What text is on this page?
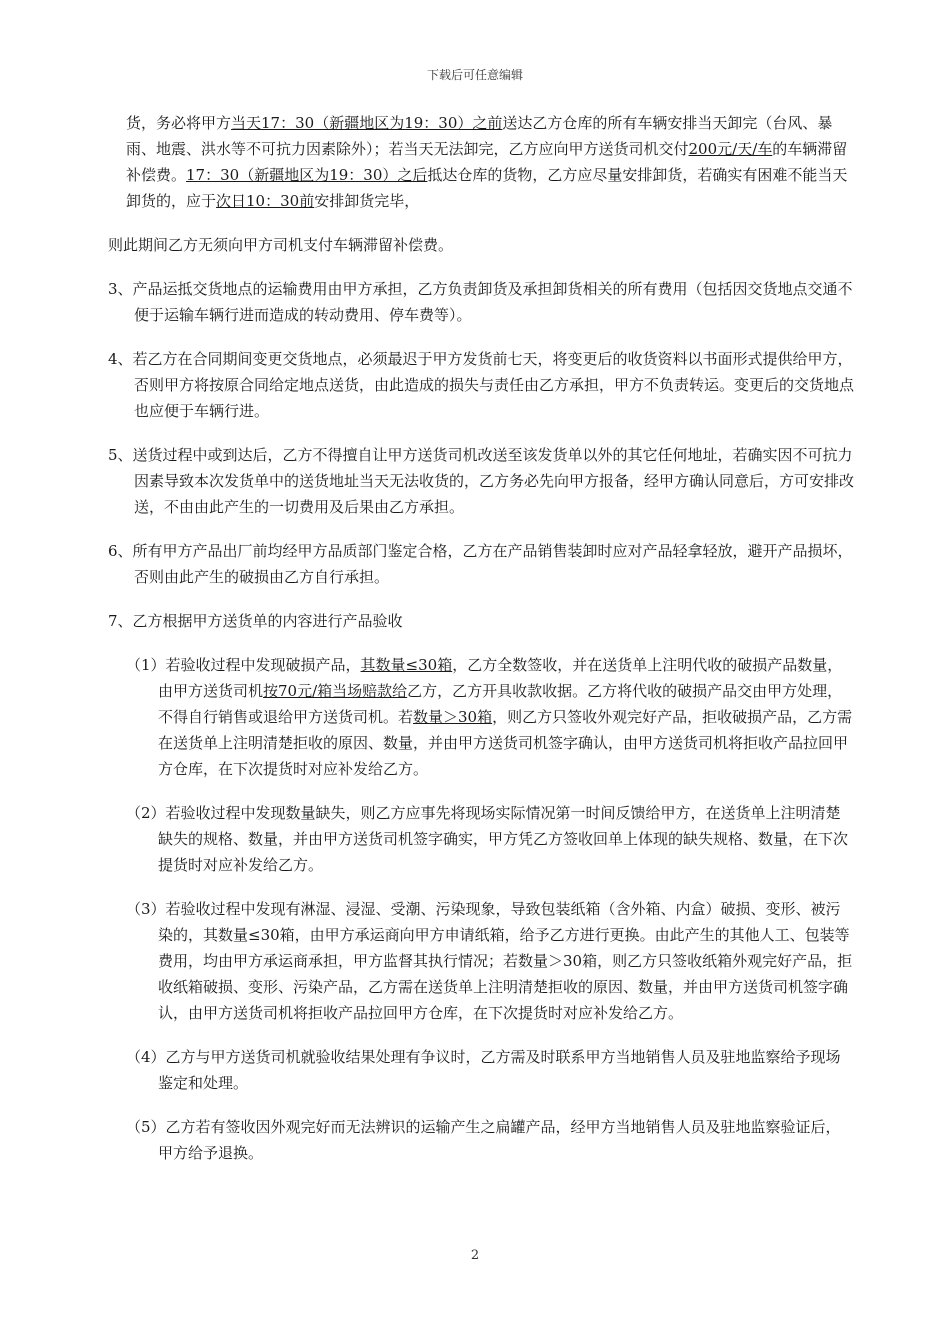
下载后可任意编辑

货，务必将甲方当天17：30（新疆地区为19：30）之前送达乙方仓库的所有车辆安排当天卸完（台风、暴雨、地震、洪水等不可抗力因素除外）；若当天无法卸完，乙方应向甲方送货司机交付200元/天/车的车辆滞留补偿费。17：30（新疆地区为19：30）之后抵达仓库的货物，乙方应尽量安排卸货，若确实有困难不能当天卸货的，应于次日10：30前安排卸货完毕，

则此期间乙方无须向甲方司机支付车辆滞留补偿费。

3、产品运抵交货地点的运输费用由甲方承担，乙方负责卸货及承担卸货相关的所有费用（包括因交货地点交通不便于运输车辆行进而造成的转动费用、停车费等）。

4、若乙方在合同期间变更交货地点，必须最迟于甲方发货前七天，将变更后的收货资料以书面形式提供给甲方，否则甲方将按原合同给定地点送货，由此造成的损失与责任由乙方承担，甲方不负责转运。变更后的交货地点也应便于车辆行进。

5、送货过程中或到达后，乙方不得擅自让甲方送货司机改送至该发货单以外的其它任何地址，若确实因不可抗力因素导致本次发货单中的送货地址当天无法收货的，乙方务必先向甲方报备，经甲方确认同意后，方可安排改送，不由由此产生的一切费用及后果由乙方承担。

6、所有甲方产品出厂前均经甲方品质部门鉴定合格，乙方在产品销售装卸时应对产品轻拿轻放，避开产品损坏，否则由此产生的破损由乙方自行承担。

7、乙方根据甲方送货单的内容进行产品验收

（1）若验收过程中发现破损产品，其数量≤30箱，乙方全数签收，并在送货单上注明代收的破损产品数量，由甲方送货司机按70元/箱当场赔款给乙方，乙方开具收款收据。乙方将代收的破损产品交由甲方处理，不得自行销售或退给甲方送货司机。若数量＞30箱，则乙方只签收外观完好产品，拒收破损产品，乙方需在送货单上注明清楚拒收的原因、数量，并由甲方送货司机签字确认，由甲方送货司机将拒收产品拉回甲方仓库，在下次提货时对应补发给乙方。

（2）若验收过程中发现数量缺失，则乙方应事先将现场实际情况第一时间反馈给甲方，在送货单上注明清楚缺失的规格、数量，并由甲方送货司机签字确实，甲方凭乙方签收回单上体现的缺失规格、数量，在下次提货时对应补发给乙方。

（3）若验收过程中发现有淋湿、浸湿、受潮、污染现象，导致包装纸箱（含外箱、内盒）破损、变形、被污染的，其数量≤30箱，由甲方承运商向甲方申请纸箱，给予乙方进行更换。由此产生的其他人工、包装等费用，均由甲方承运商承担，甲方监督其执行情况；若数量＞30箱，则乙方只签收纸箱外观完好产品，拒收纸箱破损、变形、污染产品，乙方需在送货单上注明清楚拒收的原因、数量，并由甲方送货司机签字确认，由甲方送货司机将拒收产品拉回甲方仓库，在下次提货时对应补发给乙方。

（4）乙方与甲方送货司机就验收结果处理有争议时，乙方需及时联系甲方当地销售人员及驻地监察给予现场鉴定和处理。

（5）乙方若有签收因外观完好而无法辨识的运输产生之扁罐产品，经甲方当地销售人员及驻地监察验证后，甲方给予退换。

2
